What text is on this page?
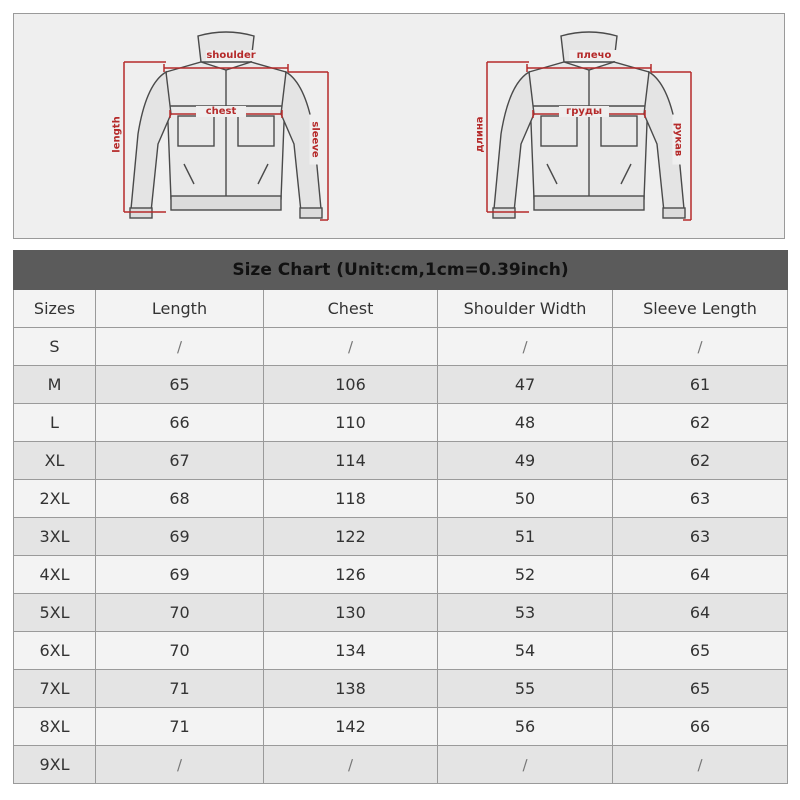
shoulder
chest
length	sleeve
плечо
груды
длина	рукав
Size Chart (Unit:cm,1cm=0.39inch)				
Sizes	Length	Chest	Shoulder Width	Sleeve Length
S	∕	∕	∕	∕
M	65	106	47	61
L	66	110	48	62
XL	67	114	49	62
2XL	68	118	50	63
3XL	69	122	51	63
4XL	69	126	52	64
5XL	70	130	53	64
6XL	70	134	54	65
7XL	71	138	55	65
8XL	71	142	56	66
9XL	∕	∕	∕	∕
